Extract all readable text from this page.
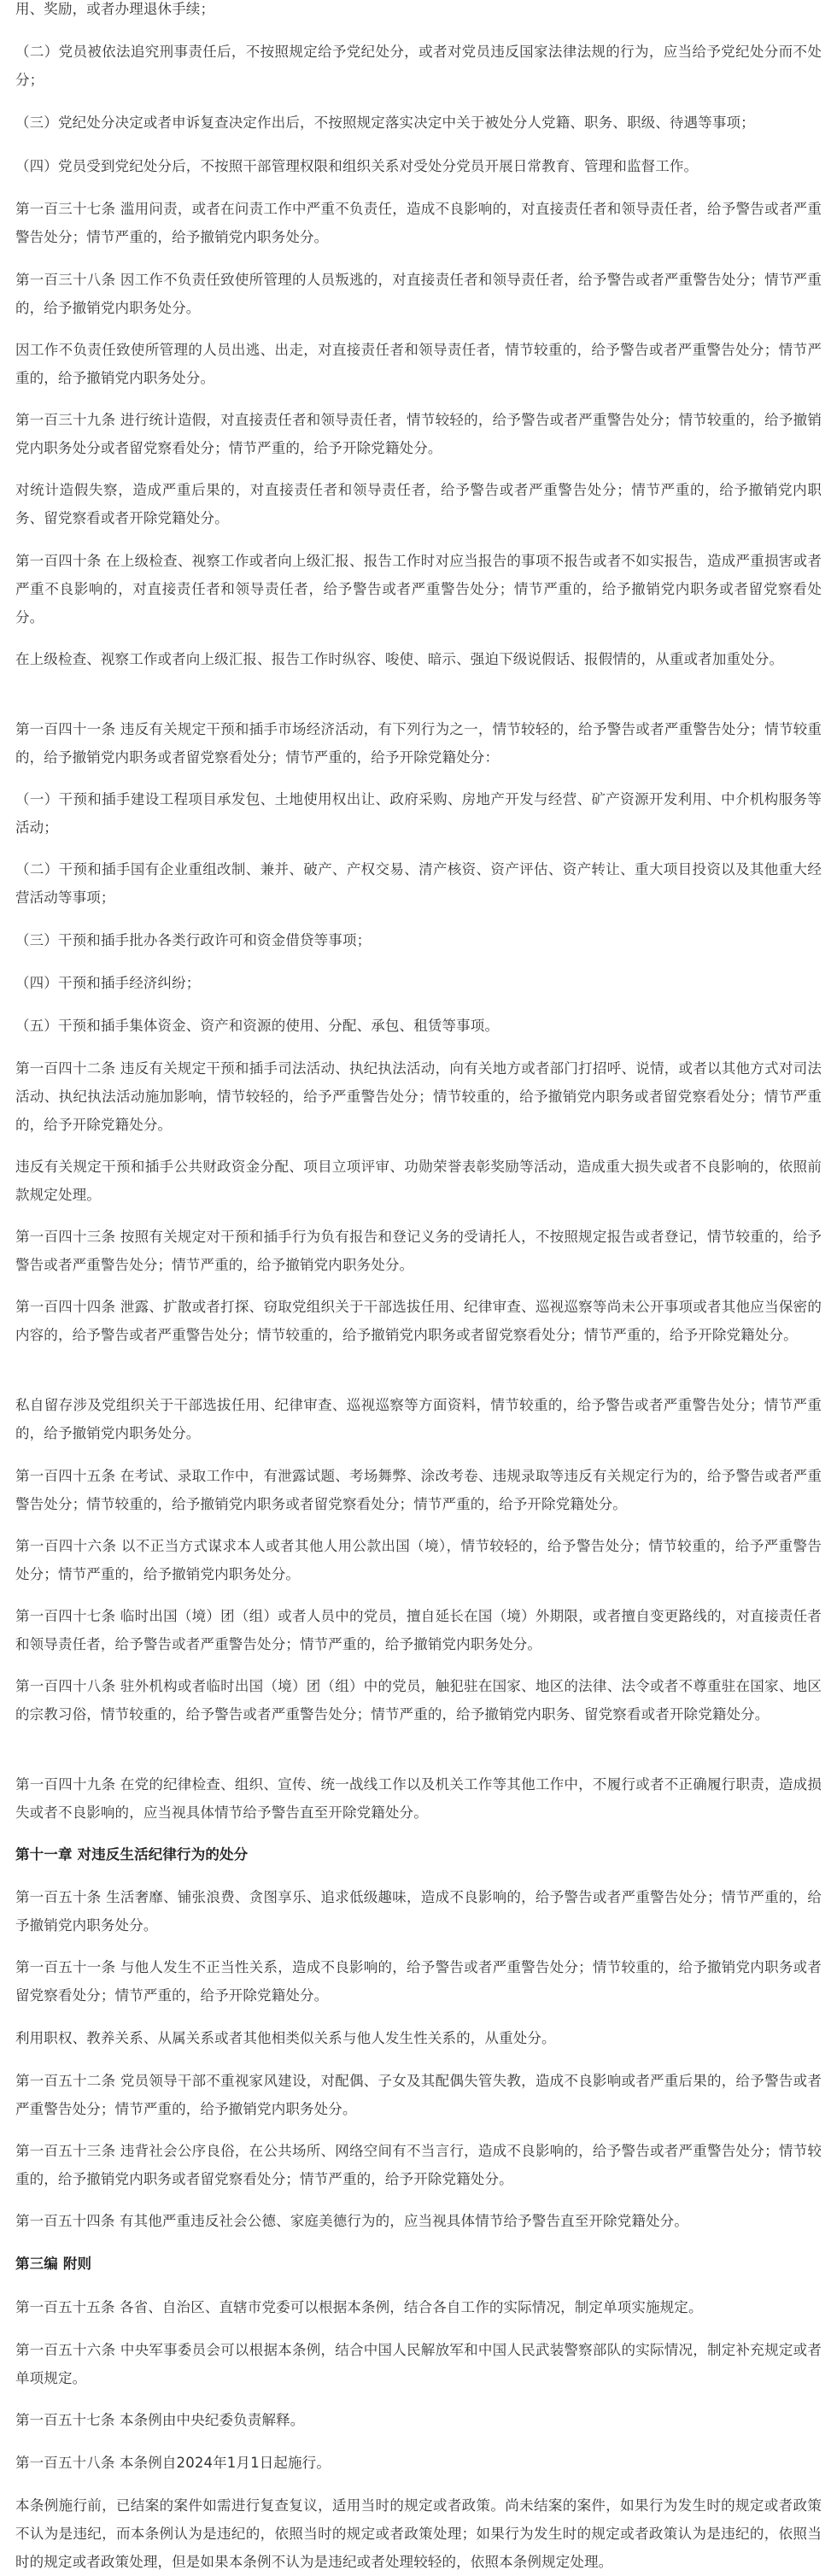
用、奖励，或者办理退休手续；

（二）党员被依法追究刑事责任后，不按照规定给予党纪处分，或者对党员违反国家法律法规的行为，应当给予党纪处分而不处分；

（三）党纪处分决定或者申诉复查决定作出后，不按照规定落实决定中关于被处分人党籍、职务、职级、待遇等事项；

（四）党员受到党纪处分后，不按照干部管理权限和组织关系对受处分党员开展日常教育、管理和监督工作。

第一百三十七条 滥用问责，或者在问责工作中严重不负责任，造成不良影响的，对直接责任者和领导责任者，给予警告或者严重警告处分；情节严重的，给予撤销党内职务处分。

第一百三十八条 因工作不负责任致使所管理的人员叛逃的，对直接责任者和领导责任者，给予警告或者严重警告处分；情节严重的，给予撤销党内职务处分。

因工作不负责任致使所管理的人员出逃、出走，对直接责任者和领导责任者，情节较重的，给予警告或者严重警告处分；情节严重的，给予撤销党内职务处分。

第一百三十九条 进行统计造假，对直接责任者和领导责任者，情节较轻的，给予警告或者严重警告处分；情节较重的，给予撤销党内职务处分或者留党察看处分；情节严重的，给予开除党籍处分。

对统计造假失察，造成严重后果的，对直接责任者和领导责任者，给予警告或者严重警告处分；情节严重的，给予撤销党内职务、留党察看或者开除党籍处分。

第一百四十条 在上级检查、视察工作或者向上级汇报、报告工作时对应当报告的事项不报告或者不如实报告，造成严重损害或者严重不良影响的，对直接责任者和领导责任者，给予警告或者严重警告处分；情节严重的，给予撤销党内职务或者留党察看处分。

在上级检查、视察工作或者向上级汇报、报告工作时纵容、唆使、暗示、强迫下级说假话、报假情的，从重或者加重处分。

第一百四十一条 违反有关规定干预和插手市场经济活动，有下列行为之一，情节较轻的，给予警告或者严重警告处分；情节较重的，给予撤销党内职务或者留党察看处分；情节严重的，给予开除党籍处分：

（一）干预和插手建设工程项目承发包、土地使用权出让、政府采购、房地产开发与经营、矿产资源开发利用、中介机构服务等活动；

（二）干预和插手国有企业重组改制、兼并、破产、产权交易、清产核资、资产评估、资产转让、重大项目投资以及其他重大经营活动等事项；

（三）干预和插手批办各类行政许可和资金借贷等事项；

（四）干预和插手经济纠纷；

（五）干预和插手集体资金、资产和资源的使用、分配、承包、租赁等事项。

第一百四十二条 违反有关规定干预和插手司法活动、执纪执法活动，向有关地方或者部门打招呼、说情，或者以其他方式对司法活动、执纪执法活动施加影响，情节较轻的，给予严重警告处分；情节较重的，给予撤销党内职务或者留党察看处分；情节严重的，给予开除党籍处分。

违反有关规定干预和插手公共财政资金分配、项目立项评审、功勋荣誉表彰奖励等活动，造成重大损失或者不良影响的，依照前款规定处理。

第一百四十三条 按照有关规定对干预和插手行为负有报告和登记义务的受请托人，不按照规定报告或者登记，情节较重的，给予警告或者严重警告处分；情节严重的，给予撤销党内职务处分。

第一百四十四条 泄露、扩散或者打探、窃取党组织关于干部选拔任用、纪律审查、巡视巡察等尚未公开事项或者其他应当保密的内容的，给予警告或者严重警告处分；情节较重的，给予撤销党内职务或者留党察看处分；情节严重的，给予开除党籍处分。

私自留存涉及党组织关于干部选拔任用、纪律审查、巡视巡察等方面资料，情节较重的，给予警告或者严重警告处分；情节严重的，给予撤销党内职务处分。

第一百四十五条 在考试、录取工作中，有泄露试题、考场舞弊、涂改考卷、违规录取等违反有关规定行为的，给予警告或者严重警告处分；情节较重的，给予撤销党内职务或者留党察看处分；情节严重的，给予开除党籍处分。

第一百四十六条 以不正当方式谋求本人或者其他人用公款出国（境），情节较轻的，给予警告处分；情节较重的，给予严重警告处分；情节严重的，给予撤销党内职务处分。

第一百四十七条 临时出国（境）团（组）或者人员中的党员，擅自延长在国（境）外期限，或者擅自变更路线的，对直接责任者和领导责任者，给予警告或者严重警告处分；情节严重的，给予撤销党内职务处分。

第一百四十八条 驻外机构或者临时出国（境）团（组）中的党员，触犯驻在国家、地区的法律、法令或者不尊重驻在国家、地区的宗教习俗，情节较重的，给予警告或者严重警告处分；情节严重的，给予撤销党内职务、留党察看或者开除党籍处分。

第一百四十九条 在党的纪律检查、组织、宣传、统一战线工作以及机关工作等其他工作中，不履行或者不正确履行职责，造成损失或者不良影响的，应当视具体情节给予警告直至开除党籍处分。

第十一章 对违反生活纪律行为的处分

第一百五十条 生活奢靡、铺张浪费、贪图享乐、追求低级趣味，造成不良影响的，给予警告或者严重警告处分；情节严重的，给予撤销党内职务处分。

第一百五十一条 与他人发生不正当性关系，造成不良影响的，给予警告或者严重警告处分；情节较重的，给予撤销党内职务或者留党察看处分；情节严重的，给予开除党籍处分。

利用职权、教养关系、从属关系或者其他相类似关系与他人发生性关系的，从重处分。

第一百五十二条 党员领导干部不重视家风建设，对配偶、子女及其配偶失管失教，造成不良影响或者严重后果的，给予警告或者严重警告处分；情节严重的，给予撤销党内职务处分。

第一百五十三条 违背社会公序良俗，在公共场所、网络空间有不当言行，造成不良影响的，给予警告或者严重警告处分；情节较重的，给予撤销党内职务或者留党察看处分；情节严重的，给予开除党籍处分。

第一百五十四条 有其他严重违反社会公德、家庭美德行为的，应当视具体情节给予警告直至开除党籍处分。

第三编 附则

第一百五十五条 各省、自治区、直辖市党委可以根据本条例，结合各自工作的实际情况，制定单项实施规定。

第一百五十六条 中央军事委员会可以根据本条例，结合中国人民解放军和中国人民武装警察部队的实际情况，制定补充规定或者单项规定。

第一百五十七条 本条例由中央纪委负责解释。

第一百五十八条 本条例自2024年1月1日起施行。

本条例施行前，已结案的案件如需进行复查复议，适用当时的规定或者政策。尚未结案的案件，如果行为发生时的规定或者政策不认为是违纪，而本条例认为是违纪的，依照当时的规定或者政策处理；如果行为发生时的规定或者政策认为是违纪的，依照当时的规定或者政策处理，但是如果本条例不认为是违纪或者处理较轻的，依照本条例规定处理。
